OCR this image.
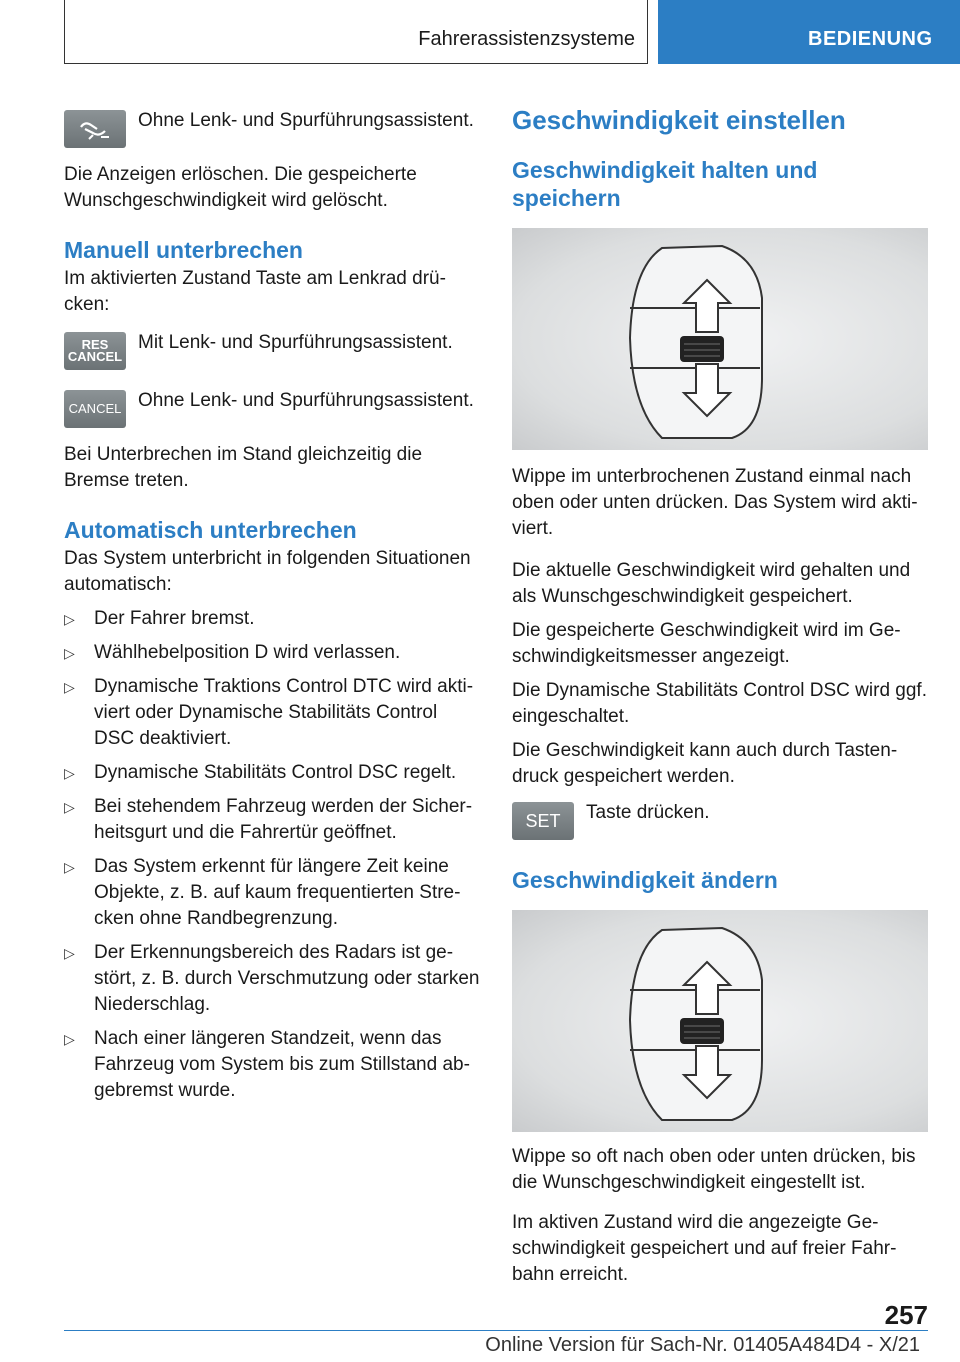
Fahrerassistenzsysteme	BEDIENUNG

Ohne Lenk- und Spurführungsassistent.

Die Anzeigen erlöschen. Die gespeicherte Wunschgeschwindigkeit wird gelöscht.

Manuell unterbrechen

Im aktivierten Zustand Taste am Lenkrad drücken:

RES
CANCEL

Mit Lenk- und Spurführungsassistent.

CANCEL Ohne Lenk- und Spurführungsassistent.

Bei Unterbrechen im Stand gleichzeitig die Bremse treten.

Automatisch unterbrechen

Das System unterbricht in folgenden Situationen automatisch:

▷ Der Fahrer bremst.
▷ Wählhebelposition D wird verlassen.
▷ Dynamische Traktions Control DTC wird aktiviert oder Dynamische Stabilitäts Control DSC deaktiviert.
▷ Dynamische Stabilitäts Control DSC regelt.
▷ Bei stehendem Fahrzeug werden der Sicherheitsgurt und die Fahrertür geöffnet.
▷ Das System erkennt für längere Zeit keine Objekte, z. B. auf kaum frequentierten Strecken ohne Randbegrenzung.
▷ Der Erkennungsbereich des Radars ist gestört, z. B. durch Verschmutzung oder starken Niederschlag.
▷ Nach einer längeren Standzeit, wenn das Fahrzeug vom System bis zum Stillstand abgebremst wurde.
Geschwindigkeit einstellen
Geschwindigkeit halten und speichern

Wippe im unterbrochenen Zustand einmal nach oben oder unten drücken. Das System wird aktiviert.

Die aktuelle Geschwindigkeit wird gehalten und als Wunschgeschwindigkeit gespeichert.

Die gespeicherte Geschwindigkeit wird im Geschwindigkeitsmesser angezeigt.

Die Dynamische Stabilitäts Control DSC wird ggf. eingeschaltet.

Die Geschwindigkeit kann auch durch Tastendruck gespeichert werden.

SET Taste drücken.

Geschwindigkeit ändern

Wippe so oft nach oben oder unten drücken, bis die Wunschgeschwindigkeit eingestellt ist.

Im aktiven Zustand wird die angezeigte Geschwindigkeit gespeichert und auf freier Fahrbahn erreicht.

257
Online Version für Sach-Nr. 01405A484D4 - X/21
